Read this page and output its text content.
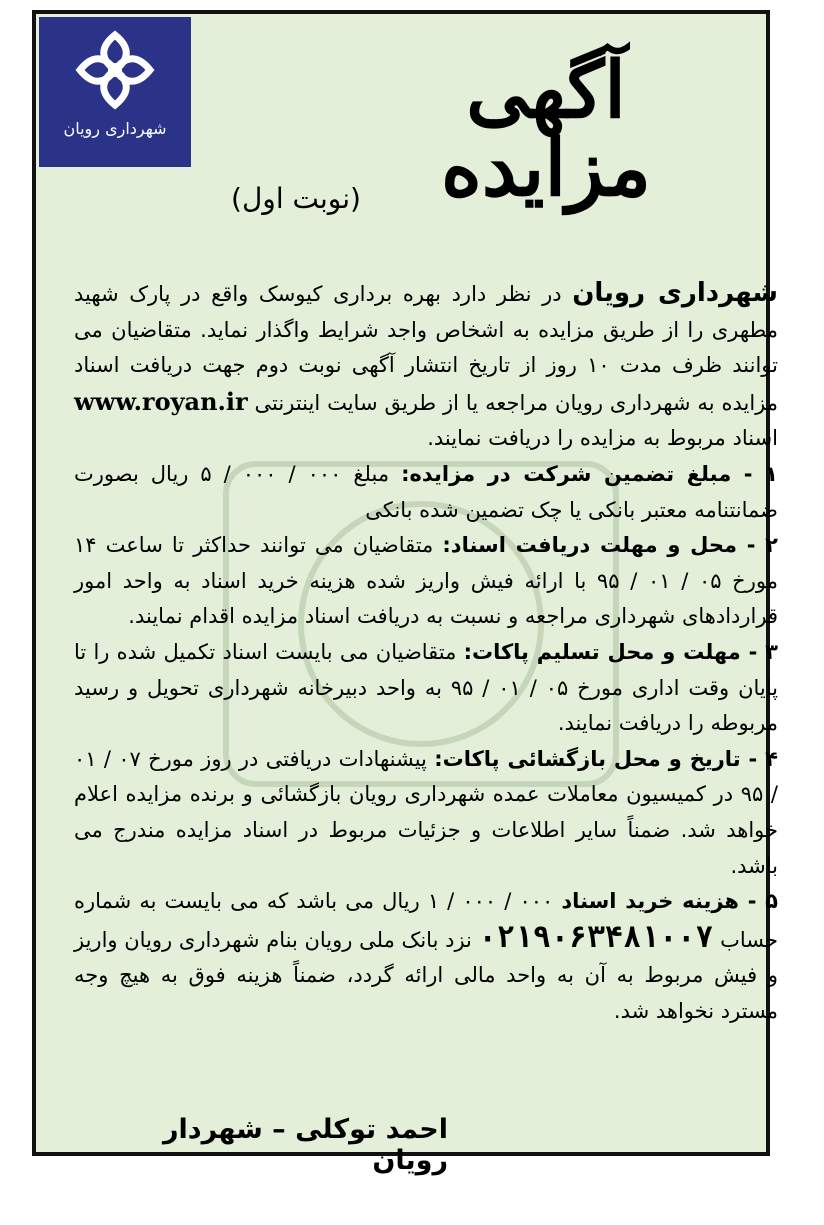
شهرداری رویان	آگهی مزایده
(نوبت اول)

شهرداری رویان در نظر دارد بهره برداری کیوسک واقع در پارک شهید مطهری را از طریق مزایده به اشخاص واجد شرایط واگذار نماید. متقاضیان می توانند ظرف مدت ۱۰ روز از تاریخ انتشار آگهی نوبت دوم جهت دریافت اسناد مزایده به شهرداری رویان مراجعه یا از طریق سایت اینترنتی www.royan.ir اسناد مربوط به مزایده را دریافت نمایند.

۱ - مبلغ تضمین شرکت در مزایده: مبلغ ۰۰۰ / ۰۰۰ / ۵ ریال بصورت ضمانتنامه معتبر بانکی یا چک تضمین شده بانکی

۲ - محل و مهلت دریافت اسناد: متقاضیان می توانند حداکثر تا ساعت ۱۴ مورخ ۰۵ / ۰۱ / ۹۵ با ارائه فیش واریز شده هزینه خرید اسناد به واحد امور قراردادهای شهرداری مراجعه و نسبت به دریافت اسناد مزایده اقدام نمایند.

۳ - مهلت و محل تسلیم پاکات: متقاضیان می بایست اسناد تکمیل شده را تا پایان وقت اداری مورخ ۰۵ / ۰۱ / ۹۵ به واحد دبیرخانه شهرداری تحویل و رسید مربوطه را دریافت نمایند.

۴ - تاریخ و محل بازگشائی پاکات: پیشنهادات دریافتی در روز مورخ ۰۷ / ۰۱ / ۹۵ در کمیسیون معاملات عمده شهرداری رویان بازگشائی و برنده مزایده اعلام خواهد شد. ضمناً سایر اطلاعات و جزئیات مربوط در اسناد مزایده مندرج می باشد.

۵ - هزینه خرید اسناد ۰۰۰ / ۰۰۰ / ۱ ریال می باشد که می بایست به شماره حساب ۰۲۱۹۰۶۳۴۸۱۰۰۷ نزد بانک ملی رویان بنام شهرداری رویان واریز و فیش مربوط به آن به واحد مالی ارائه گردد، ضمناً هزینه فوق به هیچ وجه مسترد نخواهد شد.

احمد توکلی – شهردار رویان
